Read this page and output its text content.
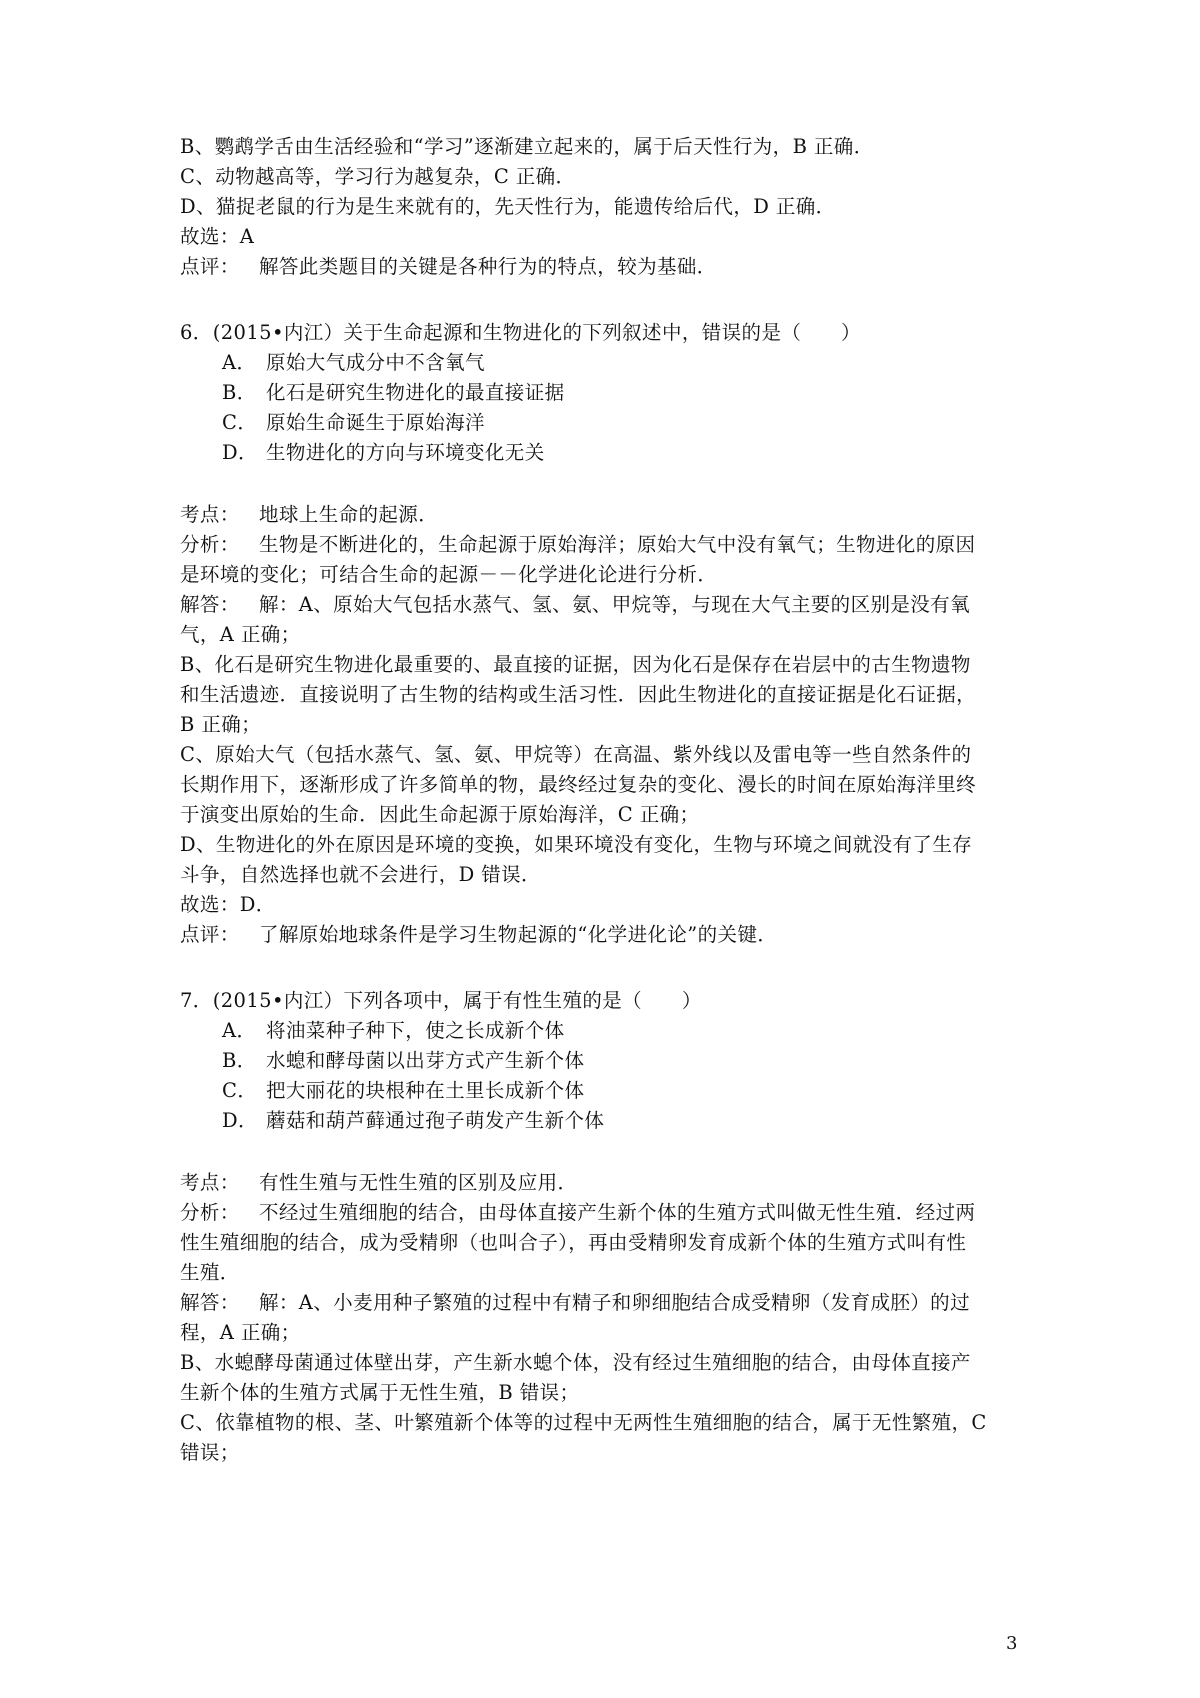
B、鹦鹉学舌由生活经验和“学习”逐渐建立起来的，属于后天性行为，B 正确．
C、动物越高等，学习行为越复杂，C 正确．
D、猫捉老鼠的行为是生来就有的，先天性行为，能遗传给后代，D 正确．
故选：A
点评： 解答此类题目的关键是各种行为的特点，较为基础．
6．(2015•内江）关于生命起源和生物进化的下列叙述中，错误的是（　　）
A． 原始大气成分中不含氧气
B． 化石是研究生物进化的最直接证据
C． 原始生命诞生于原始海洋
D． 生物进化的方向与环境变化无关
考点： 地球上生命的起源．
分析： 生物是不断进化的，生命起源于原始海洋；原始大气中没有氧气；生物进化的原因
是环境的变化；可结合生命的起源－－化学进化论进行分析．
解答： 解：A、原始大气包括水蒸气、氢、氨、甲烷等，与现在大气主要的区别是没有氧
气，A 正确；
B、化石是研究生物进化最重要的、最直接的证据，因为化石是保存在岩层中的古生物遗物
和生活遗迹．直接说明了古生物的结构或生活习性．因此生物进化的直接证据是化石证据，
B 正确；
C、原始大气（包括水蒸气、氢、氨、甲烷等）在高温、紫外线以及雷电等一些自然条件的
长期作用下，逐渐形成了许多简单的物，最终经过复杂的变化、漫长的时间在原始海洋里终
于演变出原始的生命．因此生命起源于原始海洋，C 正确；
D、生物进化的外在原因是环境的变换，如果环境没有变化，生物与环境之间就没有了生存
斗争，自然选择也就不会进行，D 错误．
故选：D．
点评： 了解原始地球条件是学习生物起源的“化学进化论”的关键．
7．(2015•内江）下列各项中，属于有性生殖的是（　　）
A． 将油菜种子种下，使之长成新个体
B． 水螅和酵母菌以出芽方式产生新个体
C． 把大丽花的块根种在土里长成新个体
D． 蘑菇和葫芦藓通过孢子萌发产生新个体
考点： 有性生殖与无性生殖的区别及应用．
分析： 不经过生殖细胞的结合，由母体直接产生新个体的生殖方式叫做无性生殖．经过两
性生殖细胞的结合，成为受精卵（也叫合子），再由受精卵发育成新个体的生殖方式叫有性
生殖．
解答： 解：A、小麦用种子繁殖的过程中有精子和卵细胞结合成受精卵（发育成胚）的过
程，A 正确；
B、水螅酵母菌通过体壁出芽，产生新水螅个体，没有经过生殖细胞的结合，由母体直接产
生新个体的生殖方式属于无性生殖，B 错误；
C、依靠植物的根、茎、叶繁殖新个体等的过程中无两性生殖细胞的结合，属于无性繁殖，C
错误；
3
